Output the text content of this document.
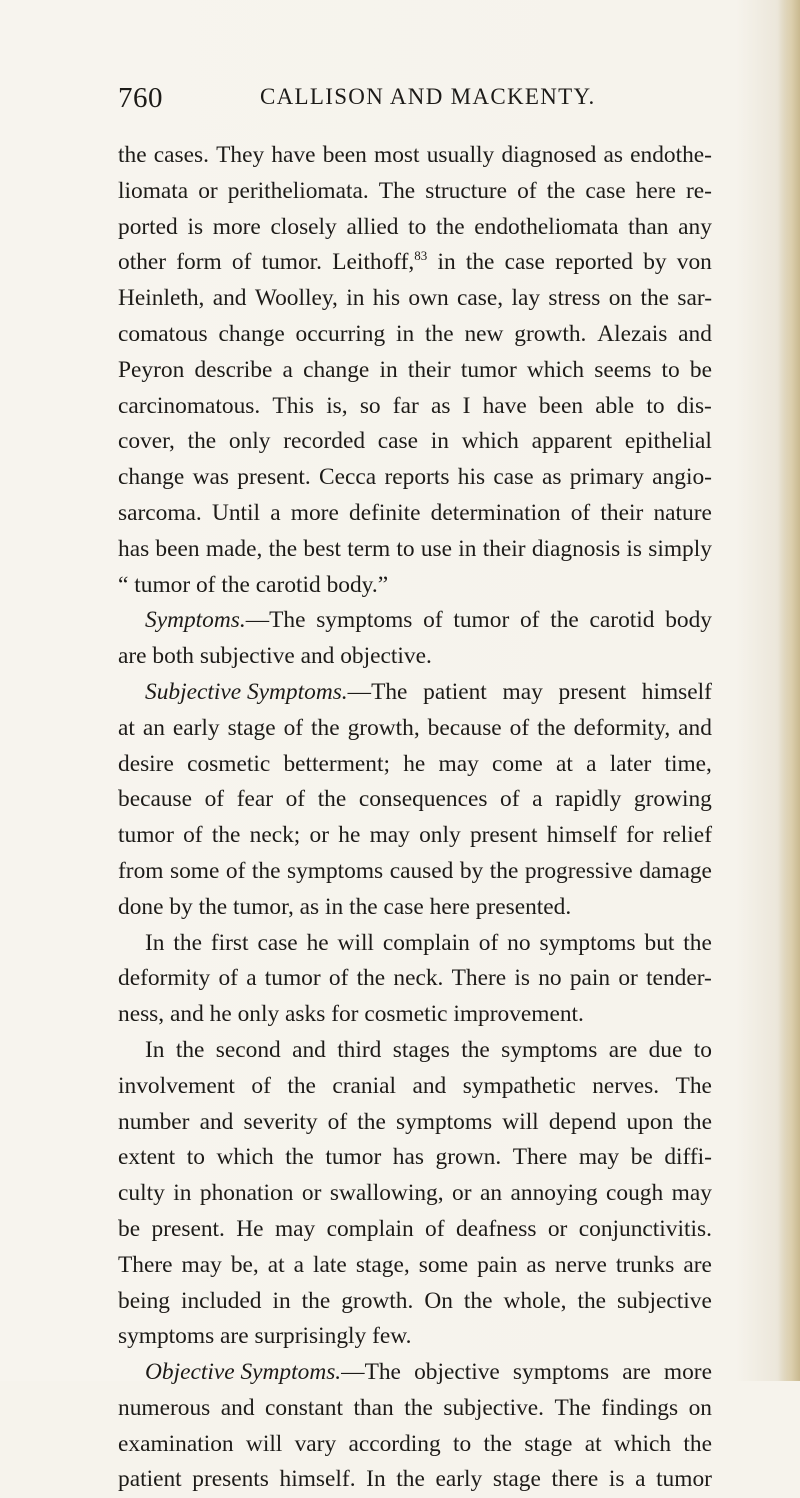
760	CALLISON AND MACKENTY.
the cases. They have been most usually diagnosed as endothe-
liomata or peritheliomata. The structure of the case here re-
ported is more closely allied to the endotheliomata than any
other form of tumor. Leithoff,$^{83}$ in the case reported by von
Heinleth, and Woolley, in his own case, lay stress on the sar-
comatous change occurring in the new growth. Alezais and
Peyron describe a change in their tumor which seems to be
carcinomatous. This is, so far as I have been able to dis-
cover, the only recorded case in which apparent epithelial
change was present. Cecca reports his case as primary angio-
sarcoma. Until a more definite determination of their nature
has been made, the best term to use in their diagnosis is simply
“
tumor
of
the
carotid
body.”
Symptoms.—The symptoms of tumor of the carotid body
are
both
subjective
and
objective.
Subjective Symptoms.—The patient may present himself
at an early stage of the growth, because of the deformity, and
desire cosmetic betterment; he may come at a later time,
because of fear of the consequences of a rapidly growing
tumor of the neck; or he may only present himself for relief
from some of the symptoms caused by the progressive damage
done
by
the
tumor,
as
in
the
case
here
presented.
In the first case he will complain of no symptoms but the
deformity of a tumor of the neck. There is no pain or tender-
ness,
and
he
only
asks
for
cosmetic
improvement.
In the second and third stages the symptoms are due to
involvement of the cranial and sympathetic nerves. The
number and severity of the symptoms will depend upon the
extent to which the tumor has grown. There may be diffi-
culty in phonation or swallowing, or an annoying cough may
be present. He may complain of deafness or conjunctivitis.
There may be, at a late stage, some pain as nerve trunks are
being included in the growth. On the whole, the subjective
symptoms
are
surprisingly
few.
Objective Symptoms.—The objective symptoms are more
numerous and constant than the subjective. The findings on
examination will vary according to the stage at which the
patient presents himself. In the early stage there is a tumor
